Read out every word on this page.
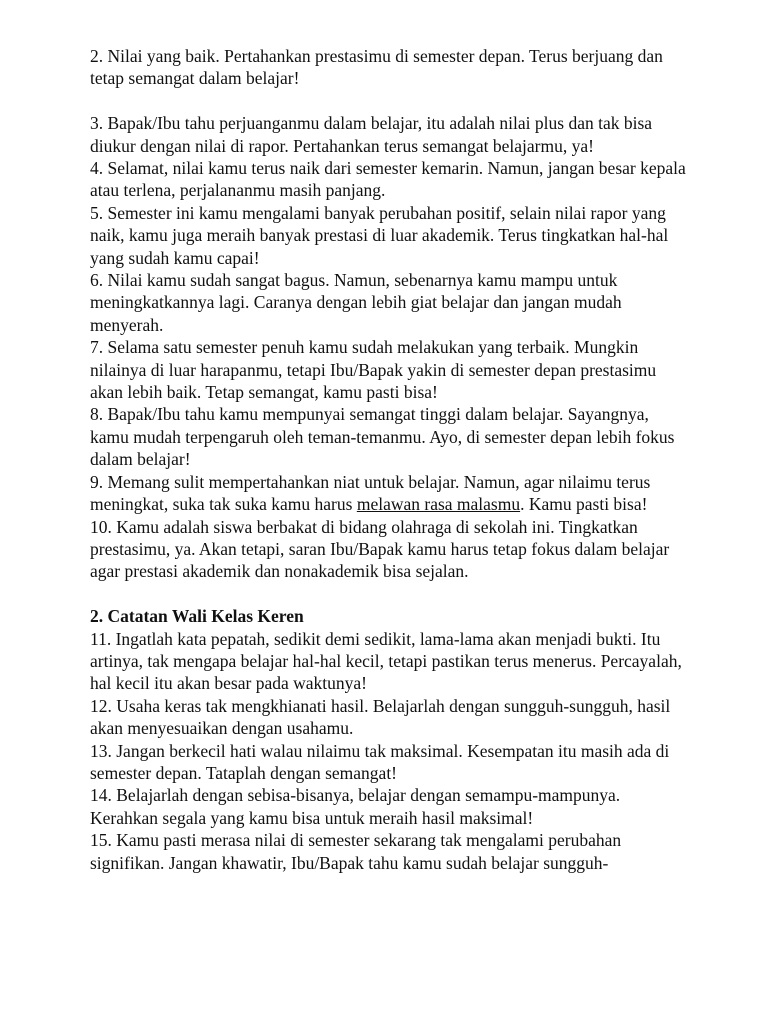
2. Nilai yang baik. Pertahankan prestasimu di semester depan. Terus berjuang dan tetap semangat dalam belajar!

3. Bapak/Ibu tahu perjuanganmu dalam belajar, itu adalah nilai plus dan tak bisa diukur dengan nilai di rapor. Pertahankan terus semangat belajarmu, ya!

4. Selamat, nilai kamu terus naik dari semester kemarin. Namun, jangan besar kepala atau terlena, perjalananmu masih panjang.

5. Semester ini kamu mengalami banyak perubahan positif, selain nilai rapor yang naik, kamu juga meraih banyak prestasi di luar akademik. Terus tingkatkan hal-hal yang sudah kamu capai!

6. Nilai kamu sudah sangat bagus. Namun, sebenarnya kamu mampu untuk meningkatkannya lagi. Caranya dengan lebih giat belajar dan jangan mudah menyerah.

7. Selama satu semester penuh kamu sudah melakukan yang terbaik. Mungkin nilainya di luar harapanmu, tetapi Ibu/Bapak yakin di semester depan prestasimu akan lebih baik. Tetap semangat, kamu pasti bisa!

8. Bapak/Ibu tahu kamu mempunyai semangat tinggi dalam belajar. Sayangnya, kamu mudah terpengaruh oleh teman-temanmu. Ayo, di semester depan lebih fokus dalam belajar!

9. Memang sulit mempertahankan niat untuk belajar. Namun, agar nilaimu terus meningkat, suka tak suka kamu harus melawan rasa malasmu. Kamu pasti bisa!

10. Kamu adalah siswa berbakat di bidang olahraga di sekolah ini. Tingkatkan prestasimu, ya. Akan tetapi, saran Ibu/Bapak kamu harus tetap fokus dalam belajar agar prestasi akademik dan nonakademik bisa sejalan.

2. Catatan Wali Kelas Keren

11. Ingatlah kata pepatah, sedikit demi sedikit, lama-lama akan menjadi bukti. Itu artinya, tak mengapa belajar hal-hal kecil, tetapi pastikan terus menerus. Percayalah, hal kecil itu akan besar pada waktunya!

12. Usaha keras tak mengkhianati hasil. Belajarlah dengan sungguh-sungguh, hasil akan menyesuaikan dengan usahamu.

13. Jangan berkecil hati walau nilaimu tak maksimal. Kesempatan itu masih ada di semester depan. Tataplah dengan semangat!

14. Belajarlah dengan sebisa-bisanya, belajar dengan semampu-mampunya. Kerahkan segala yang kamu bisa untuk meraih hasil maksimal!

15. Kamu pasti merasa nilai di semester sekarang tak mengalami perubahan signifikan. Jangan khawatir, Ibu/Bapak tahu kamu sudah belajar sungguh-
